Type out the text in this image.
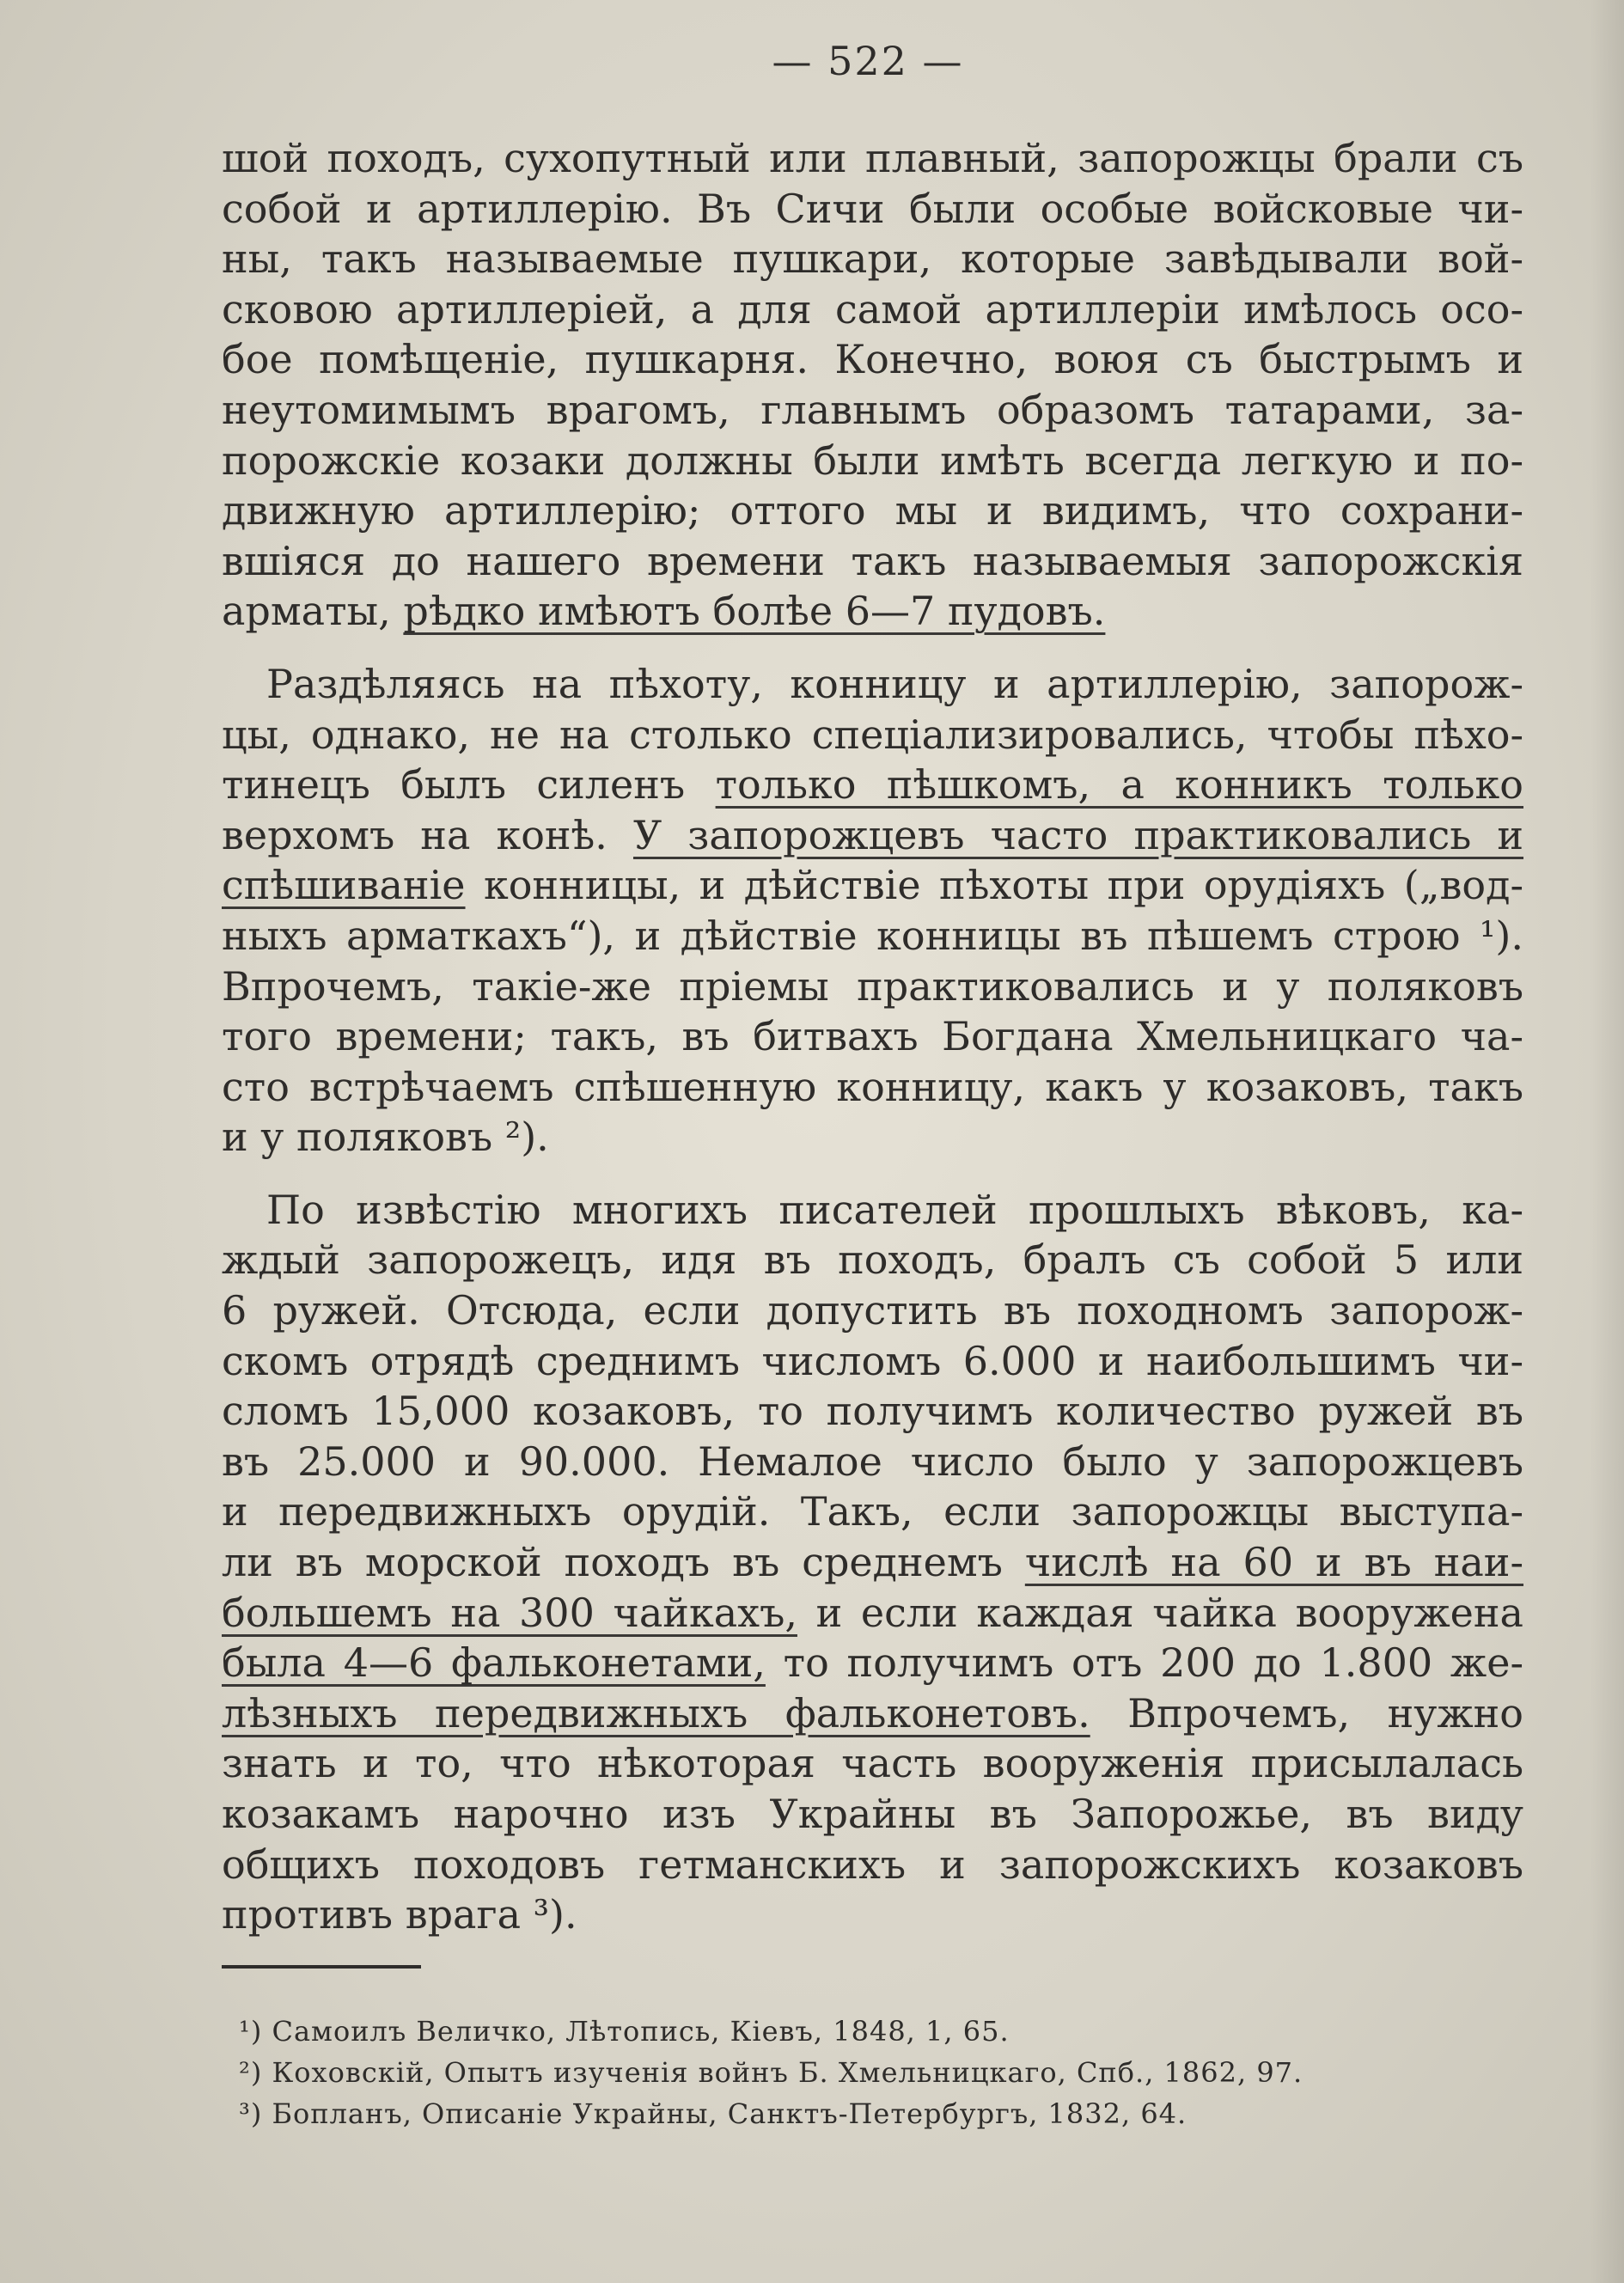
— 522 —
шой походъ, сухопутный или плавный, запорожцы брали съ
собой и артиллерію. Въ Сичи были особые войсковые чи-
ны, такъ называемые пушкари, которые завѣдывали вой-
сковою артиллеріей, а для самой артиллеріи имѣлось осо-
бое помѣщеніе, пушкарня. Конечно, воюя съ быстрымъ и
неутомимымъ врагомъ, главнымъ образомъ татарами, за-
порожскіе козаки должны были имѣть всегда легкую и по-
движную артиллерію; оттого мы и видимъ, что сохрани-
вшіяся до нашего времени такъ называемыя запорожскія
арматы, рѣдко имѣютъ болѣе 6—7 пудовъ.
Раздѣляясь на пѣхоту, конницу и артиллерію, запорож-
цы, однако, не на столько спеціализировались, чтобы пѣхо-
тинецъ былъ силенъ только пѣшкомъ, а конникъ только
верхомъ на конѣ. У запорожцевъ часто практиковались и
спѣшиваніе конницы, и дѣйствіе пѣхоты при орудіяхъ („вод-
ныхъ арматкахъ“), и дѣйствіе конницы въ пѣшемъ строю ¹).
Впрочемъ, такіе-же пріемы практиковались и у поляковъ
того времени; такъ, въ битвахъ Богдана Хмельницкаго ча-
сто встрѣчаемъ спѣшенную конницу, какъ у козаковъ, такъ
и у поляковъ ²).
По извѣстію многихъ писателей прошлыхъ вѣковъ, ка-
ждый запорожецъ, идя въ походъ, бралъ съ собой 5 или
6 ружей. Отсюда, если допустить въ походномъ запорож-
скомъ отрядѣ среднимъ числомъ 6.000 и наибольшимъ чи-
сломъ 15,000 козаковъ, то получимъ количество ружей въ
въ 25.000 и 90.000. Немалое число было у запорожцевъ
и передвижныхъ орудій. Такъ, если запорожцы выступа-
ли въ морской походъ въ среднемъ числѣ на 60 и въ наи-
большемъ на 300 чайкахъ, и если каждая чайка вооружена
была 4—6 фальконетами, то получимъ отъ 200 до 1.800 же-
лѣзныхъ передвижныхъ фальконетовъ. Впрочемъ, нужно
знать и то, что нѣкоторая часть вооруженія присылалась
козакамъ нарочно изъ Украйны въ Запорожье, въ виду
общихъ походовъ гетманскихъ и запорожскихъ козаковъ
противъ врага ³).
¹) Самоилъ Величко, Лѣтопись, Кіевъ, 1848, 1, 65.
²) Коховскій, Опытъ изученія войнъ Б. Хмельницкаго, Спб., 1862, 97.
³) Бопланъ, Описаніе Украйны, Санктъ-Петербургъ, 1832, 64.
